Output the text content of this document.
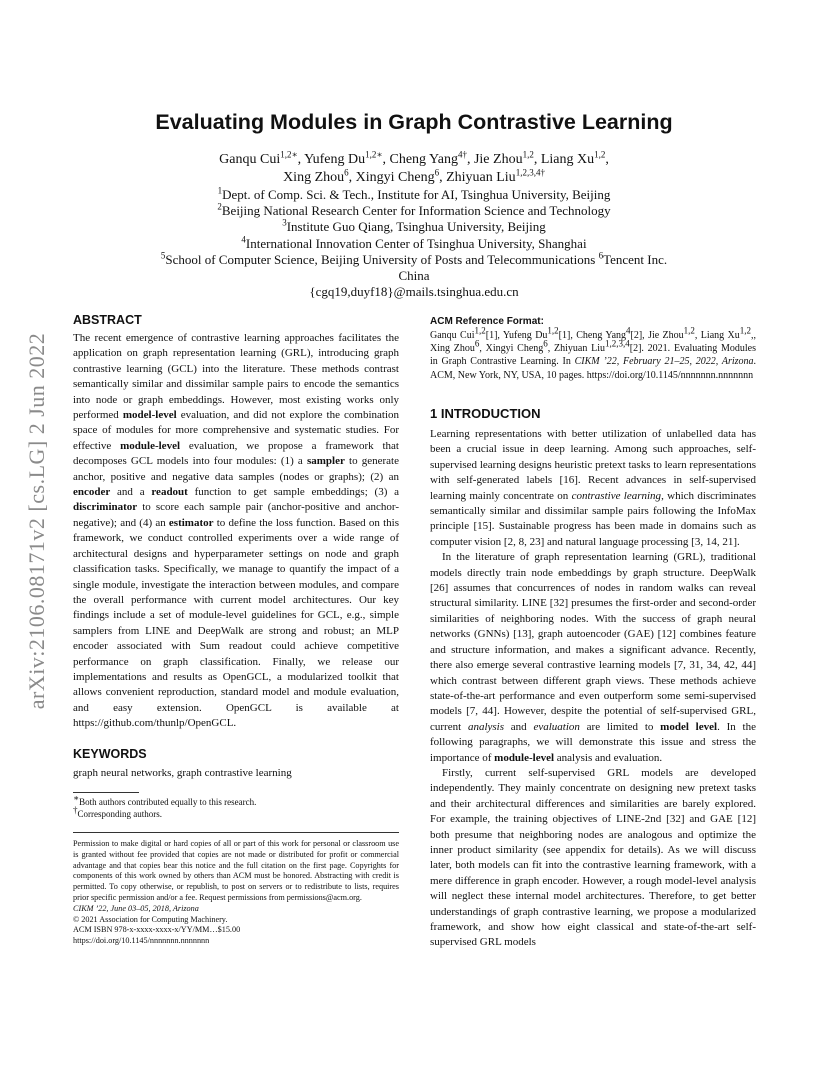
arXiv:2106.08171v2 [cs.LG] 2 Jun 2022
Evaluating Modules in Graph Contrastive Learning
Ganqu Cui$^{1,2∗}$, Yufeng $Du^{1,2∗}$, Cheng Yang$^{4\dagger}$, Jie Zhou$^{1,2}$, Liang Xu$^{1,2}$,
Xing Zhou$^6$, Xingyi Cheng$^6$, Zhiyuan Liu$^{1,2,3,4\dagger}$
$^1$Dept. of Comp. Sci. & Tech., Institute for AI, Tsinghua University, Beijing
$^2$Beijing National Research Center for Information Science and Technology
$^3$Institute Guo Qiang, Tsinghua University, Beijing
$^4$International Innovation Center of Tsinghua University, Shanghai
$^5$School of Computer Science, Beijing University of Posts and Telecommunications $^6$Tencent Inc.
China
{cgq19,duyf18}@mails.tsinghua.edu.cn
ABSTRACT

The recent emergence of contrastive learning approaches facilitates the application on graph representation learning (GRL), introducing graph contrastive learning (GCL) into the literature. These methods contrast semantically similar and dissimilar sample pairs to encode the semantics into node or graph embeddings. However, most existing works only performed model-level evaluation, and did not explore the combination space of modules for more comprehensive and systematic studies. For effective module-level evaluation, we propose a framework that decomposes GCL models into four modules: (1) a sampler to generate anchor, positive and negative data samples (nodes or graphs); (2) an encoder and a readout function to get sample embeddings; (3) a discriminator to score each sample pair (anchor-positive and anchor-negative); and (4) an estimator to define the loss function. Based on this framework, we conduct controlled experiments over a wide range of architectural designs and hyperparameter settings on node and graph classification tasks. Specifically, we manage to quantify the impact of a single module, investigate the interaction between modules, and compare the overall performance with current model architectures. Our key findings include a set of module-level guidelines for GCL, e.g., simple samplers from LINE and DeepWalk are strong and robust; an MLP encoder associated with Sum readout could achieve competitive performance on graph classification. Finally, we release our implementations and results as OpenGCL, a modularized toolkit that allows convenient reproduction, standard model and module evaluation, and easy extension. OpenGCL is available at https://github.com/thunlp/OpenGCL.

KEYWORDS

graph neural networks, graph contrastive learning

∗Both authors contributed equally to this research.

†Corresponding authors.

Permission to make digital or hard copies of all or part of this work for personal or classroom use is granted without fee provided that copies are not made or distributed for profit or commercial advantage and that copies bear this notice and the full citation on the first page. Copyrights for components of this work owned by others than ACM must be honored. Abstracting with credit is permitted. To copy otherwise, or republish, to post on servers or to redistribute to lists, requires prior specific permission and/or a fee. Request permissions from permissions@acm.org.

CIKM ’22, June 03–05, 2018, Arizona

© 2021 Association for Computing Machinery.

ACM ISBN 978-x-xxxx-xxxx-x/YY/MM…$15.00

https://doi.org/10.1145/nnnnnnn.nnnnnnn

ACM Reference Format:

Ganqu Cui$^{1,2}$[1], Yufeng Du$^{1,2}$[1], Cheng Yang$^4$[2], Jie Zhou$^{1,2}$, Liang Xu$^{1,2}$,, Xing Zhou$^6$, Xingyi Cheng$^6$, Zhiyuan Liu$^{1,2,3,4}$[2]. 2021. Evaluating Modules in Graph Contrastive Learning. In CIKM ’22, February 21–25, 2022, Arizona. ACM, New York, NY, USA, 10 pages. https://doi.org/10.1145/nnnnnnn.nnnnnnn

1 INTRODUCTION

Learning representations with better utilization of unlabelled data has been a crucial issue in deep learning. Among such approaches, self-supervised learning designs heuristic pretext tasks to learn representations with self-generated labels [16]. Recent advances in self-supervised learning mainly concentrate on contrastive learning, which discriminates semantically similar and dissimilar sample pairs following the InfoMax principle [15]. Sustainable progress has been made in domains such as computer vision [2, 8, 23] and natural language processing [3, 14, 21].

In the literature of graph representation learning (GRL), traditional models directly train node embeddings by graph structure. DeepWalk [26] assumes that concurrences of nodes in random walks can reveal structural similarity. LINE [32] presumes the first-order and second-order similarities of neighboring nodes. With the success of graph neural networks (GNNs) [13], graph autoencoder (GAE) [12] combines feature and structure information, and makes a significant advance. Recently, there also emerge several contrastive learning models [7, 31, 34, 42, 44] which contrast between different graph views. These methods achieve state-of-the-art performance and even outperform some semi-supervised models [7, 44]. However, despite the potential of self-supervised GRL, current analysis and evaluation are limited to model level. In the following paragraphs, we will demonstrate this issue and stress the importance of module-level analysis and evaluation.

Firstly, current self-supervised GRL models are developed independently. They mainly concentrate on designing new pretext tasks and their architectural differences and similarities are barely explored. For example, the training objectives of LINE-2nd [32] and GAE [12] both presume that neighboring nodes are analogous and optimize the inner product similarity (see appendix for details). As we will discuss later, both models can fit into the contrastive learning framework, with a mere difference in graph encoder. However, a rough model-level analysis will neglect these internal model architectures. Therefore, to get better understandings of graph contrastive learning, we propose a modularized framework, and show how eight classical and state-of-the-art self-supervised GRL models
